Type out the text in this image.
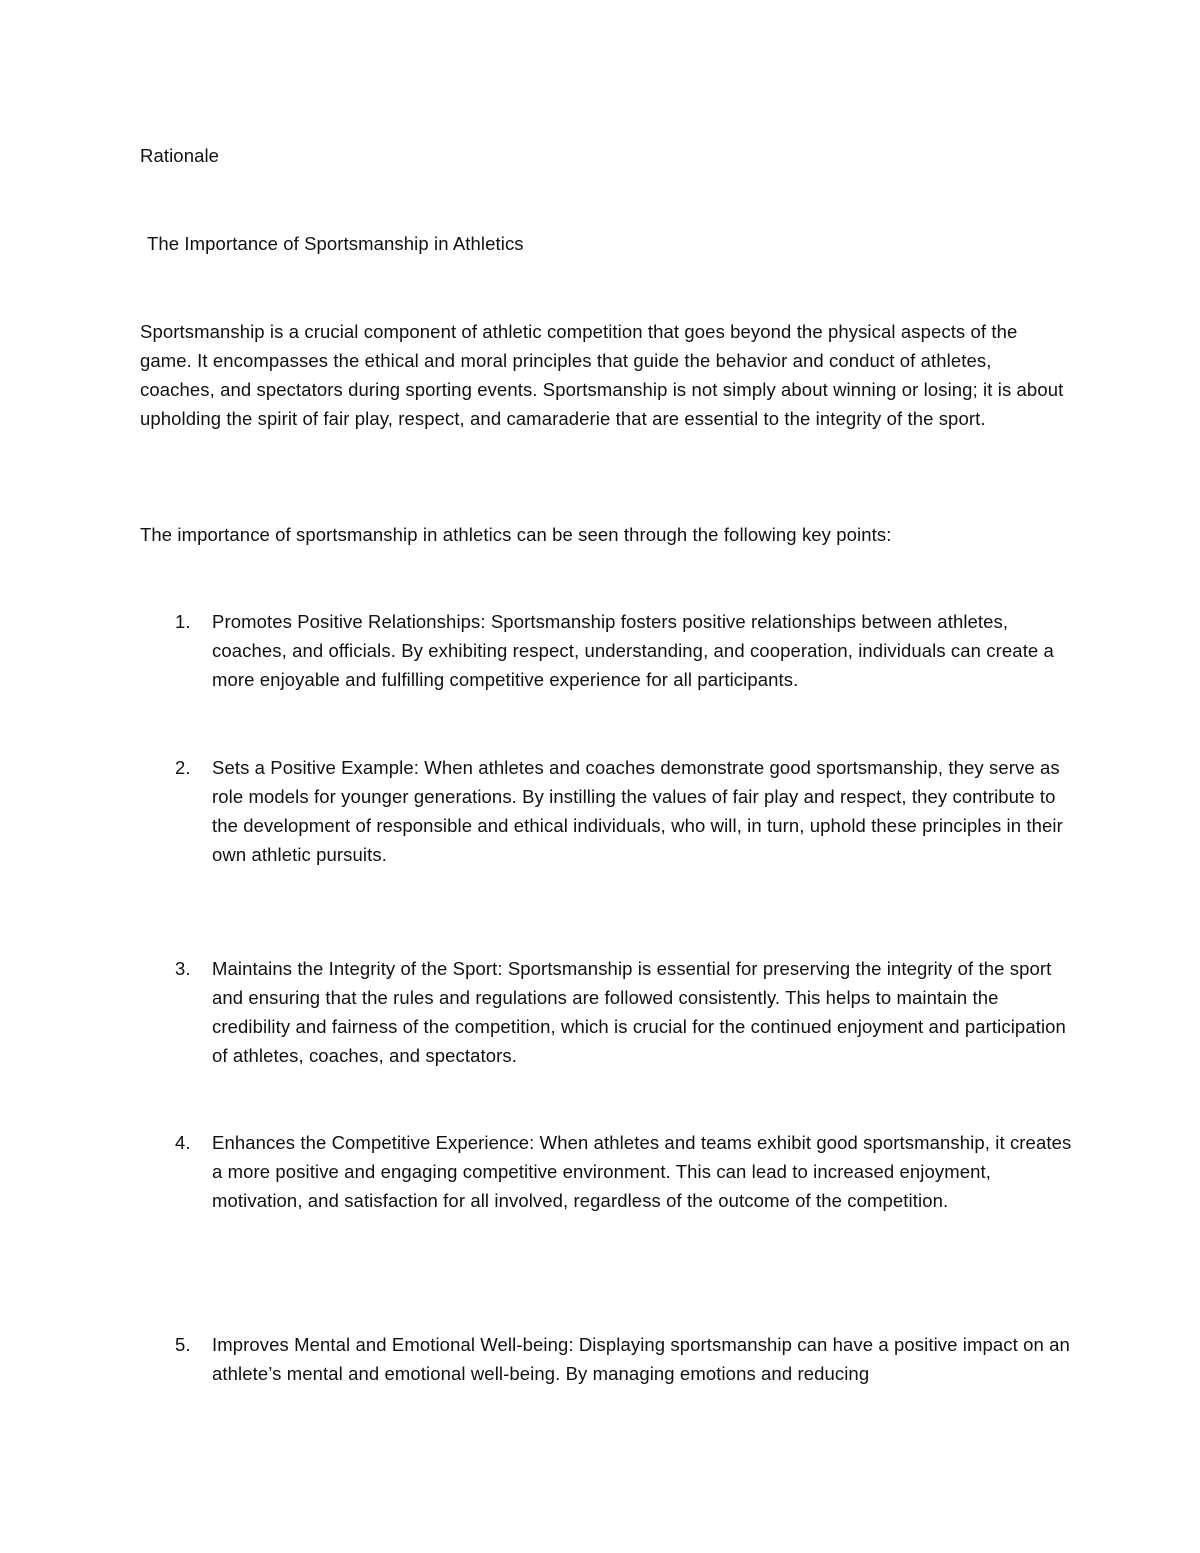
Rationale

The Importance of Sportsmanship in Athletics

Sportsmanship is a crucial component of athletic competition that goes beyond the physical aspects of the game. It encompasses the ethical and moral principles that guide the behavior and conduct of athletes, coaches, and spectators during sporting events. Sportsmanship is not simply about winning or losing; it is about upholding the spirit of fair play, respect, and camaraderie that are essential to the integrity of the sport.

The importance of sportsmanship in athletics can be seen through the following key points:

1.	Promotes Positive Relationships: Sportsmanship fosters positive relationships between athletes, coaches, and officials. By exhibiting respect, understanding, and cooperation, individuals can create a more enjoyable and fulfilling competitive experience for all participants.

2.	Sets a Positive Example: When athletes and coaches demonstrate good sportsmanship, they serve as role models for younger generations. By instilling the values of fair play and respect, they contribute to the development of responsible and ethical individuals, who will, in turn, uphold these principles in their own athletic pursuits.

3.	Maintains the Integrity of the Sport: Sportsmanship is essential for preserving the integrity of the sport and ensuring that the rules and regulations are followed consistently. This helps to maintain the credibility and fairness of the competition, which is crucial for the continued enjoyment and participation of athletes, coaches, and spectators.

4.	Enhances the Competitive Experience: When athletes and teams exhibit good sportsmanship, it creates a more positive and engaging competitive environment. This can lead to increased enjoyment, motivation, and satisfaction for all involved, regardless of the outcome of the competition.

5.	Improves Mental and Emotional Well-being: Displaying sportsmanship can have a positive impact on an athlete’s mental and emotional well-being. By managing emotions and reducing
